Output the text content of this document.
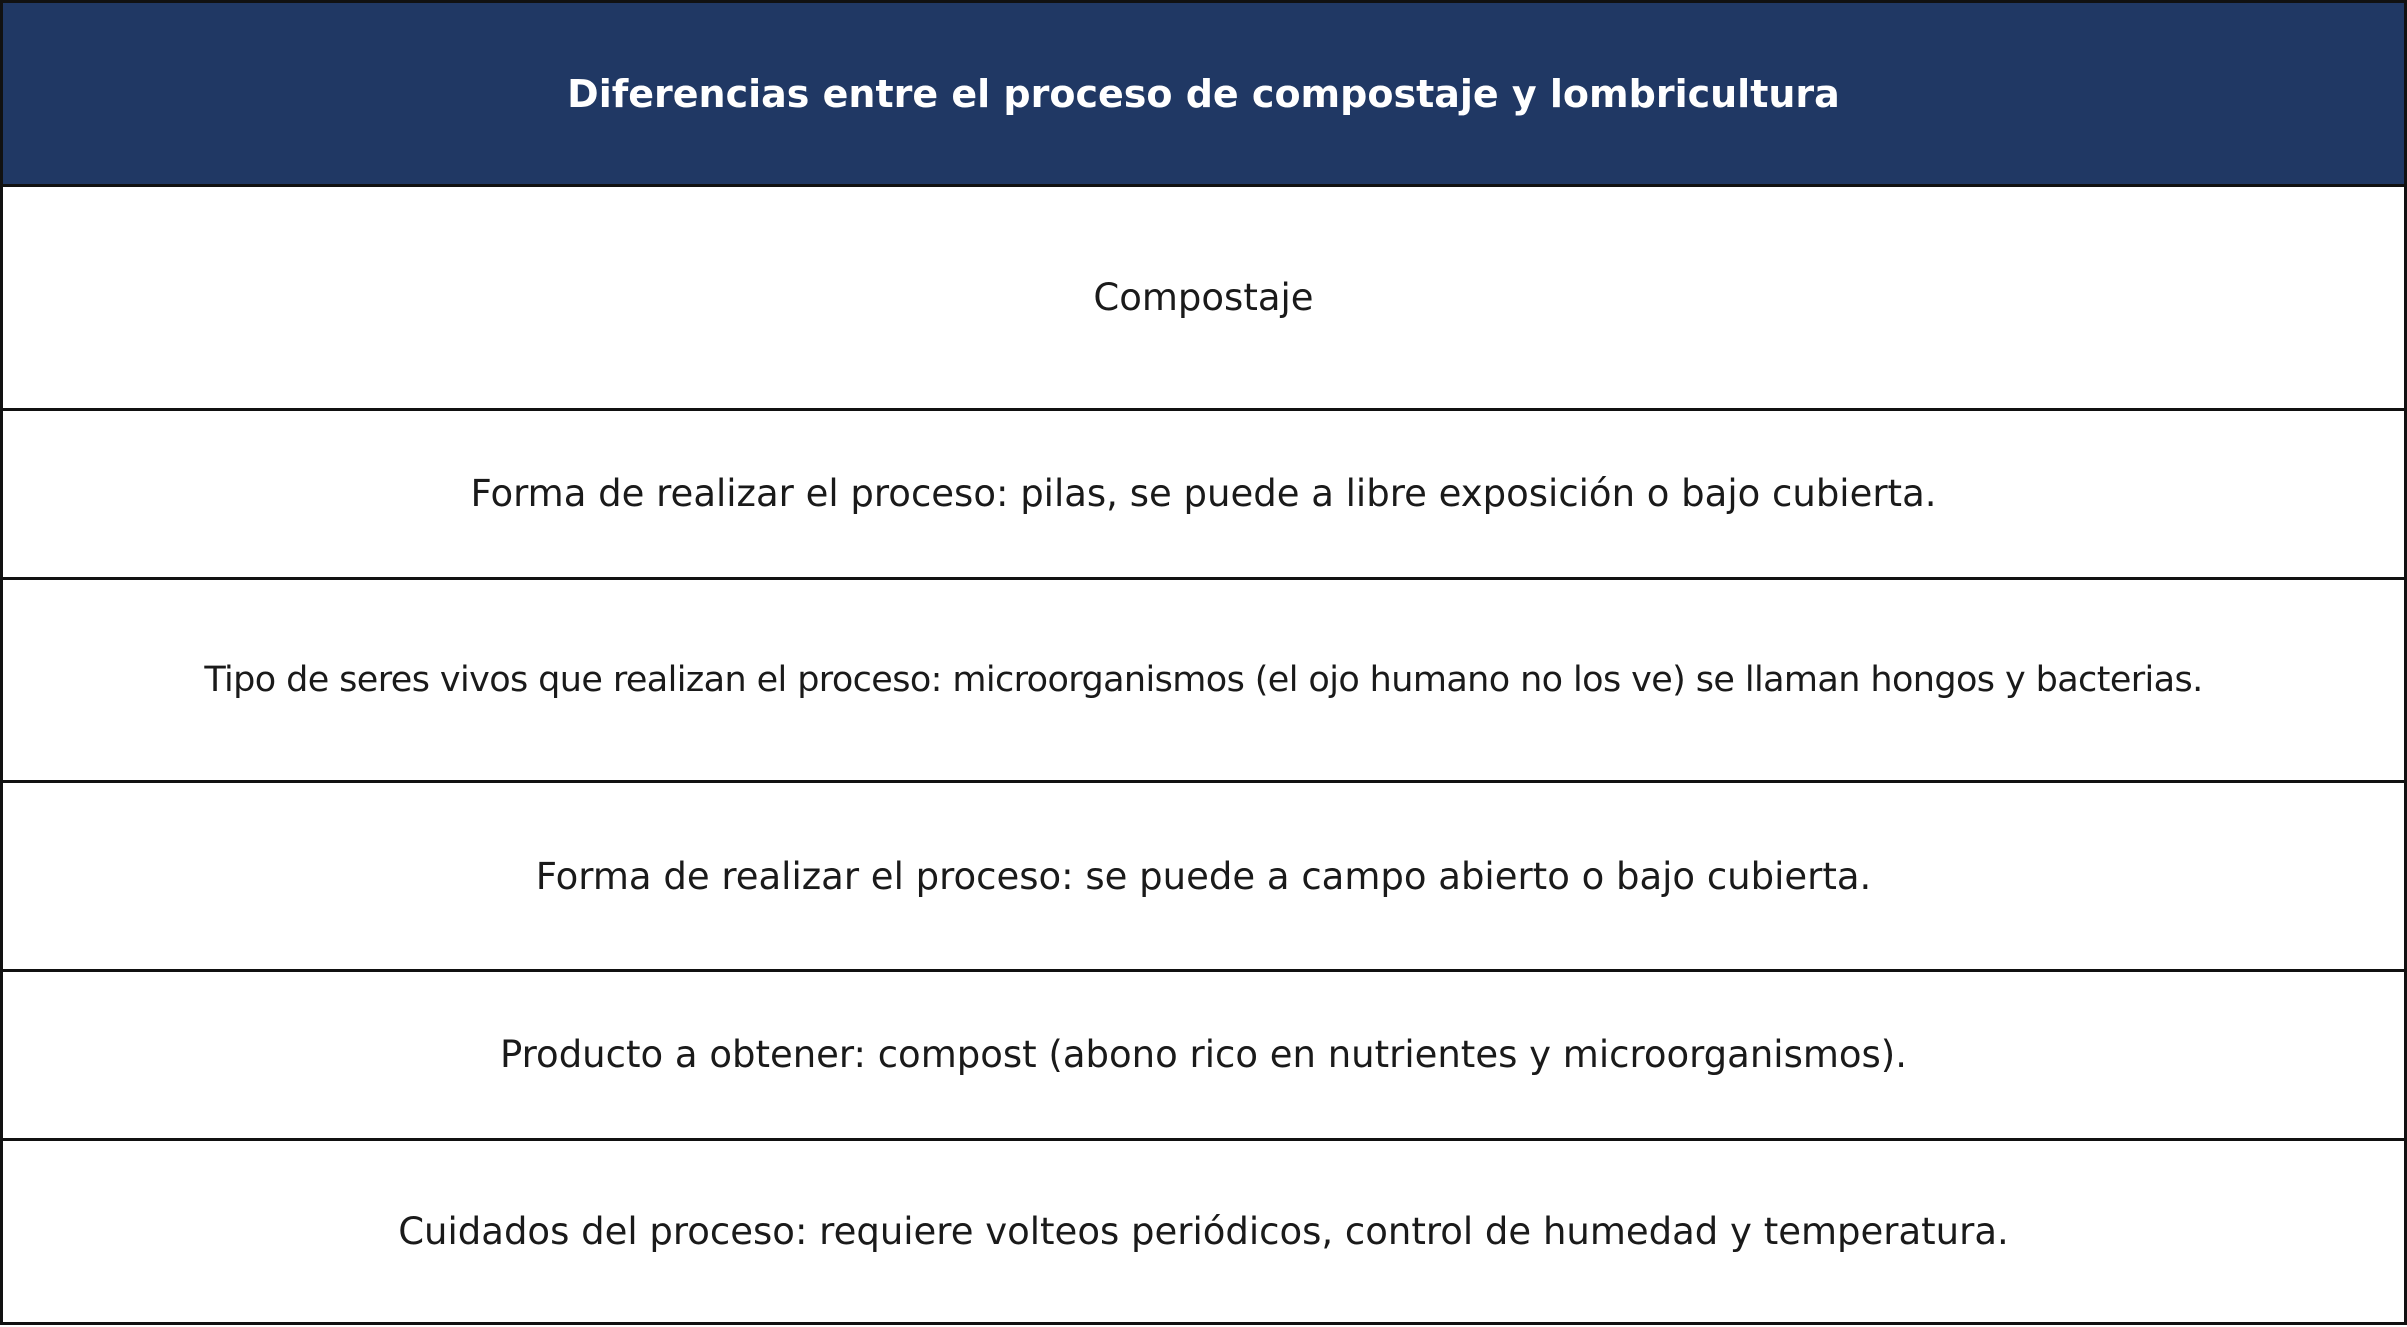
Diferencias entre el proceso de compostaje y lombricultura
Compostaje
Forma de realizar el proceso: pilas, se puede a libre exposición o bajo cubierta.
Tipo de seres vivos que realizan el proceso: microorganismos (el ojo humano no los ve) se llaman hongos y bacterias.
Forma de realizar el proceso: se puede a campo abierto o bajo cubierta.
Producto a obtener: compost (abono rico en nutrientes y microorganismos).
Cuidados del proceso: requiere volteos periódicos, control de humedad y temperatura.
